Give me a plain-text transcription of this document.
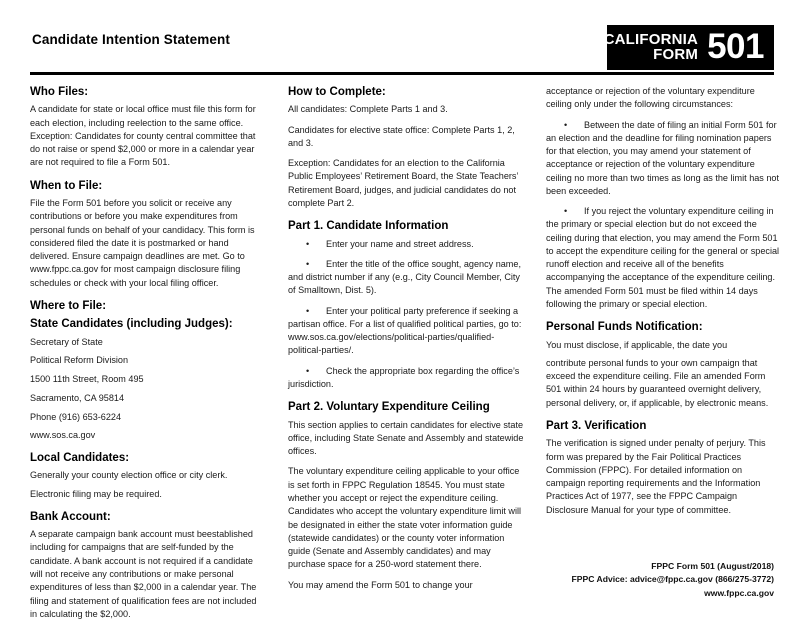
Candidate Intention Statement	CALIFORNIA
FORM 501
Who Files:

A candidate for state or local office must file this form for each election, including reelection to the same office. Exception: Candidates for county central committee that do not raise or spend $2,000 or more in a calendar year are not required to file a Form 501.

When to File:

File the Form 501 before you solicit or receive any contributions or before you make expenditures from personal funds on behalf of your candidacy. This form is considered filed the date it is postmarked or hand delivered. Ensure campaign deadlines are met. Go to www.fppc.ca.gov for most campaign disclosure filing schedules or check with your local filing officer.

Where to File:
State Candidates (including Judges):

Secretary of State

Political Reform Division

1500 11th Street, Room 495

Sacramento, CA 95814

Phone (916) 653-6224

www.sos.ca.gov

Local Candidates:

Generally your county election office or city clerk.

Electronic filing may be required.

Bank Account:

A separate campaign bank account must beestablished including for campaigns that are self-funded by the candidate. A bank account is not required if a candidate will not receive any contributions or make personal expenditures of less than $2,000 in a calendar year. The filing and statement of qualification fees are not included in calculating the $2,000.

How to Complete:

All candidates: Complete Parts 1 and 3.

Candidates for elective state office: Complete Parts 1, 2, and 3.

Exception: Candidates for an election to the California Public Employees’ Retirement Board, the State Teachers’ Retirement Board, judges, and judicial candidates do not complete Part 2.

Part 1. Candidate Information
• Enter your name and street address.
• Enter the title of the office sought, agency name, and district number if any (e.g., City Council Member, City of Smalltown, Dist. 5).
• Enter your political party preference if seeking a partisan office. For a list of qualified political parties, go to: www.sos.ca.gov/elections/political-parties/qualified-political-parties/.
• Check the appropriate box regarding the office’s jurisdiction.
Part 2. Voluntary Expenditure Ceiling

This section applies to certain candidates for elective state office, including State Senate and Assembly and statewide offices.

The voluntary expenditure ceiling applicable to your office is set forth in FPPC Regulation 18545. You must state whether you accept or reject the expenditure ceiling. Candidates who accept the voluntary expenditure limit will be designated in either the state voter information guide (statewide candidates) or the county voter information guide (Senate and Assembly candidates) and may purchase space for a 250-word statement there.

You may amend the Form 501 to change your

acceptance or rejection of the voluntary expenditure ceiling only under the following circumstances:

• Between the date of filing an initial Form 501 for an election and the deadline for filing nomination papers for that election, you may amend your statement of acceptance or rejection of the voluntary expenditure ceiling no more than two times as long as the limit has not been exceeded.
• If you reject the voluntary expenditure ceiling in the primary or special election but do not exceed the ceiling during that election, you may amend the Form 501 to accept the expenditure ceiling for the general or special runoff election and receive all of the benefits accompanying the acceptance of the expenditure ceiling. The amended Form 501 must be filed within 14 days following the primary or special election.
Personal Funds Notification:

You must disclose, if applicable, the date you

contribute personal funds to your own campaign that exceed the expenditure ceiling. File an amended Form 501 within 24 hours by guaranteed overnight delivery, personal delivery, or, if applicable, by electronic means.

Part 3. Verification

The verification is signed under penalty of perjury. This form was prepared by the Fair Political Practices Commission (FPPC). For detailed information on campaign reporting requirements and the Information Practices Act of 1977, see the FPPC Campaign Disclosure Manual for your type of committee.

FPPC Form 501 (August/2018)
FPPC Advice: advice@fppc.ca.gov (866/275-3772)
www.fppc.ca.gov
